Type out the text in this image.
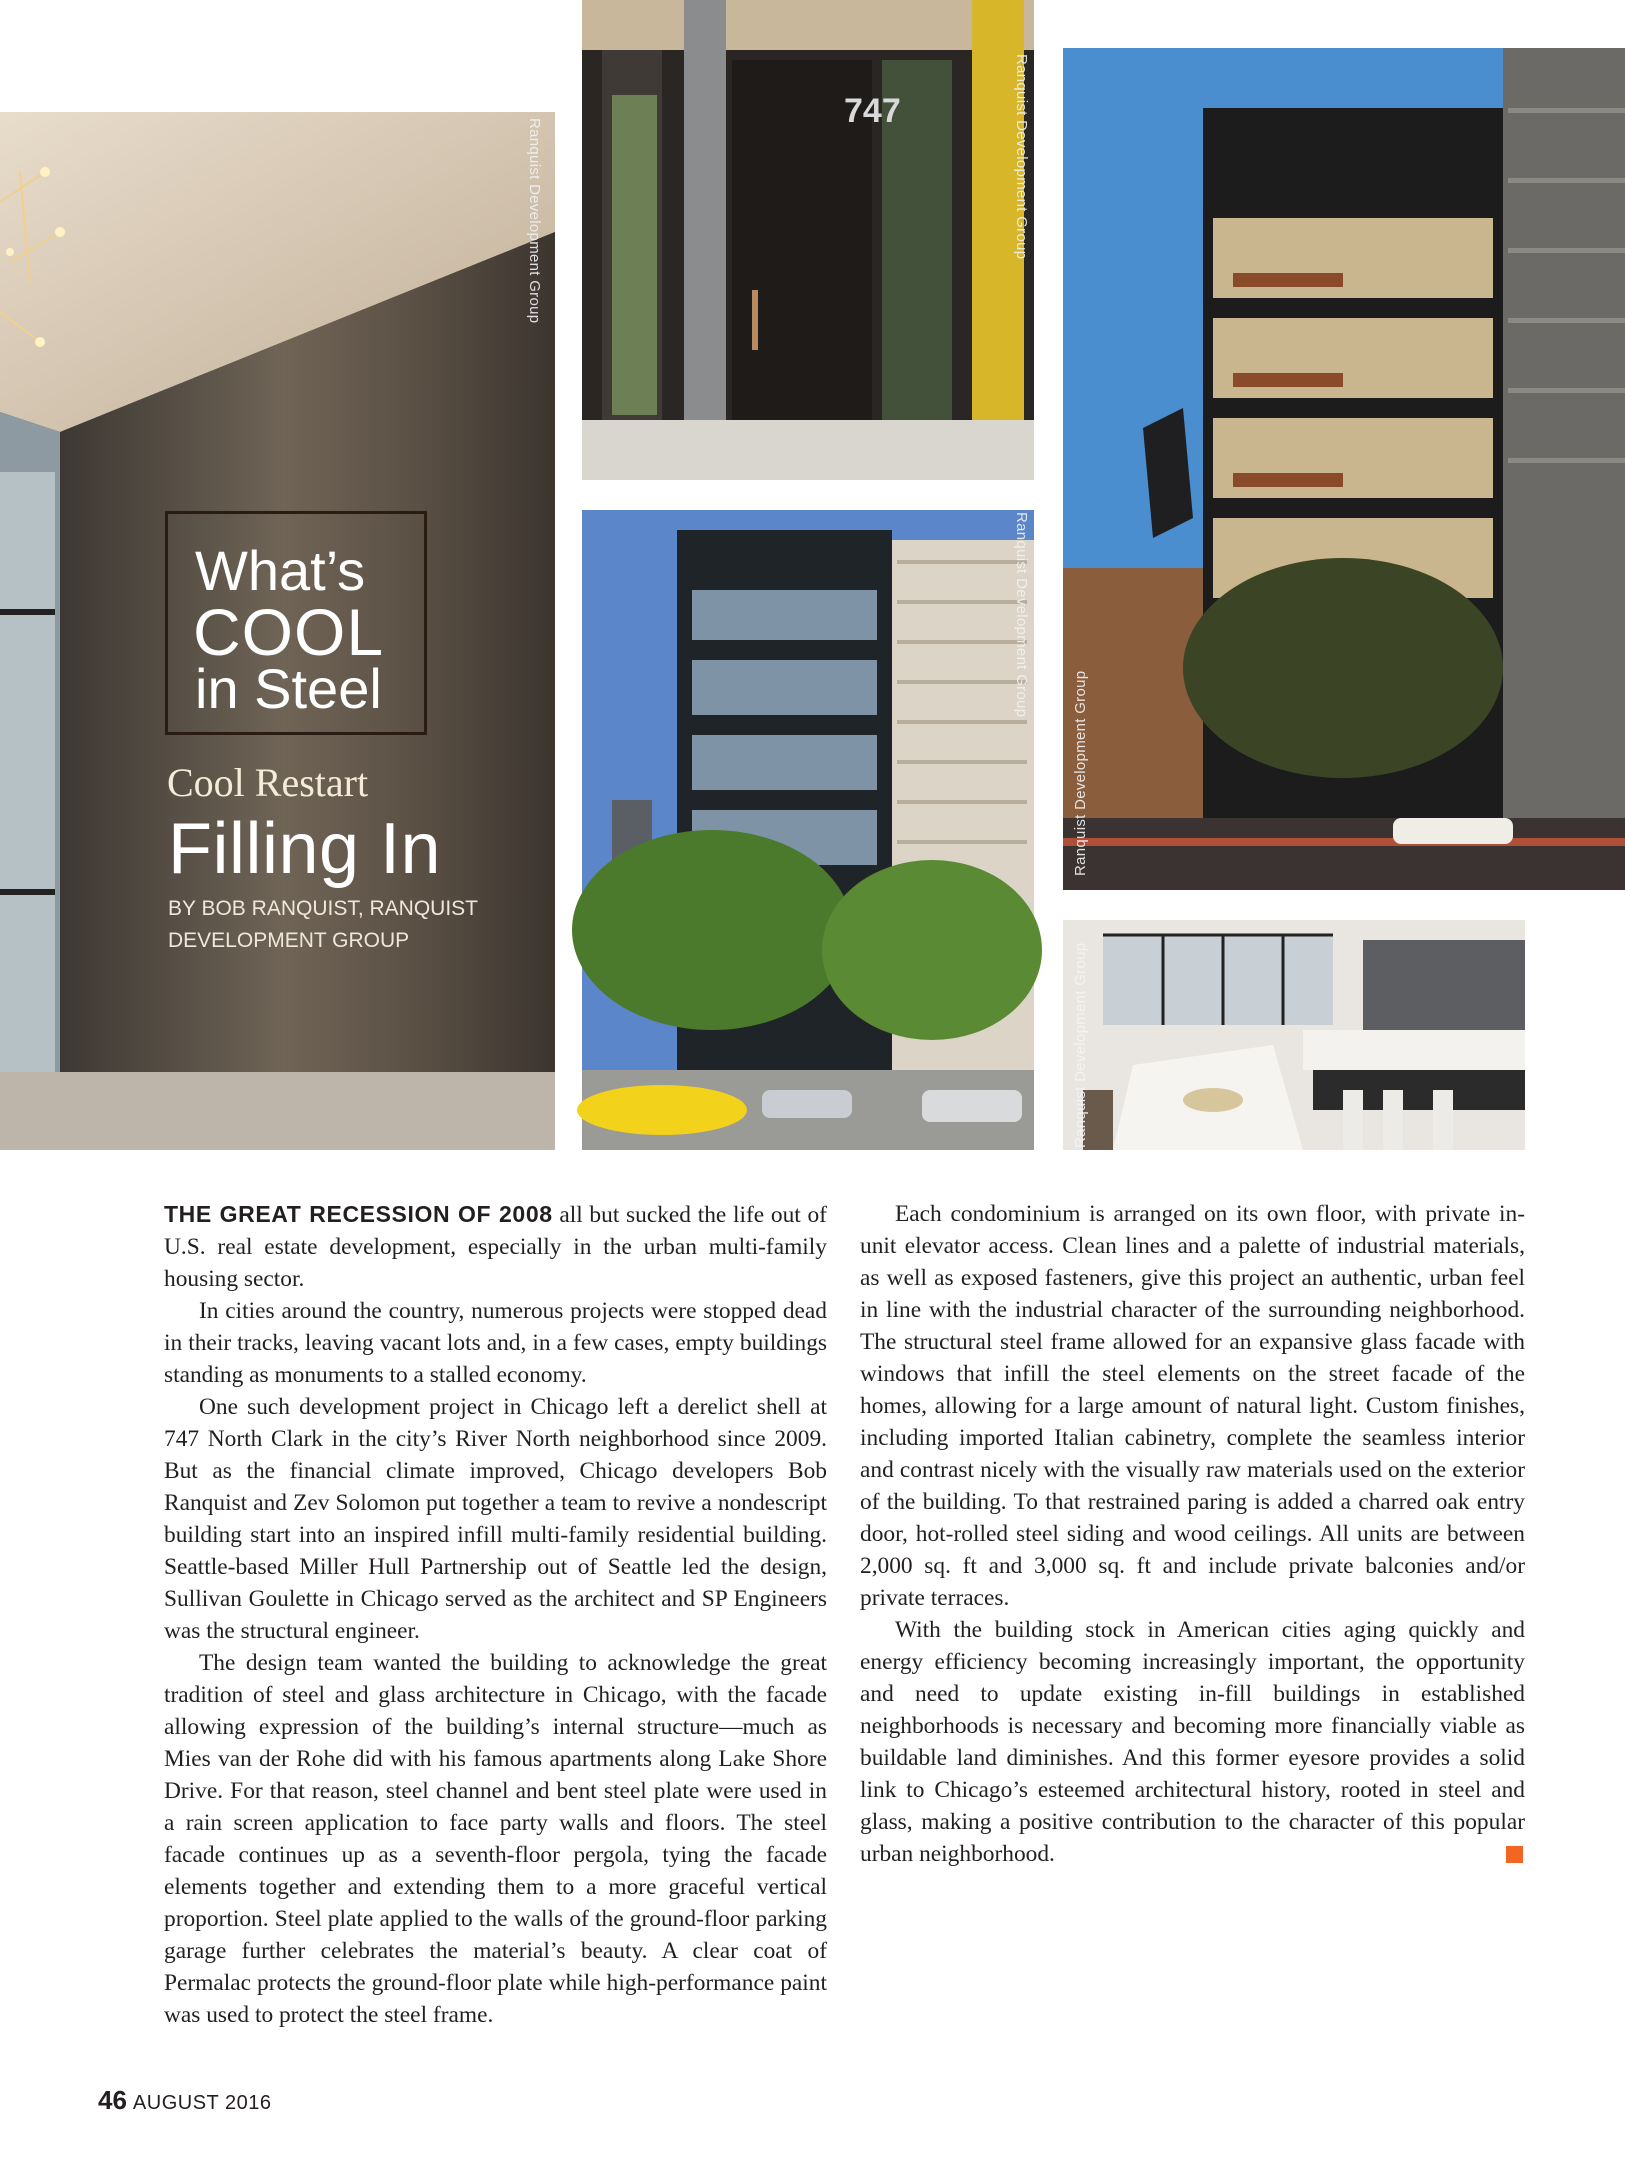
Ranquist Development Group
747	Ranquist Development Group
Ranquist Development Group
Ranquist Development Group
Ranquist Development Group
What’s
COOL
in Steel
Cool Restart
Filling In
BY BOB RANQUIST, RANQUIST DEVELOPMENT GROUP

THE GREAT RECESSION OF 2008 all but sucked the life out of U.S. real estate development, especially in the urban multi-family housing sector.

In cities around the country, numerous projects were stopped dead in their tracks, leaving vacant lots and, in a few cases, empty buildings standing as monuments to a stalled economy.

One such development project in Chicago left a derelict shell at 747 North Clark in the city’s River North neighborhood since 2009. But as the financial climate improved, Chicago developers Bob Ranquist and Zev Solomon put together a team to revive a nondescript building start into an inspired infill multi-family residential building. Seattle-based Miller Hull Partnership out of Seattle led the design, Sullivan Goulette in Chicago served as the architect and SP Engineers was the structural engineer.

The design team wanted the building to acknowledge the great tradition of steel and glass architecture in Chicago, with the facade allowing expression of the building’s internal structure—much as Mies van der Rohe did with his famous apartments along Lake Shore Drive. For that reason, steel channel and bent steel plate were used in a rain screen application to face party walls and floors. The steel facade continues up as a seventh-floor pergola, tying the facade elements together and extending them to a more graceful vertical proportion. Steel plate applied to the walls of the ground-floor parking garage further celebrates the material’s beauty. A clear coat of Permalac protects the ground-floor plate while high-performance paint was used to protect the steel frame.

Each condominium is arranged on its own floor, with private in-unit elevator access. Clean lines and a palette of industrial materials, as well as exposed fasteners, give this project an authentic, urban feel in line with the industrial character of the surrounding neighborhood. The structural steel frame allowed for an expansive glass facade with windows that infill the steel elements on the street facade of the homes, allowing for a large amount of natural light. Custom finishes, including imported Italian cabinetry, complete the seamless interior and contrast nicely with the visually raw materials used on the exterior of the building. To that restrained paring is added a charred oak entry door, hot-rolled steel siding and wood ceilings. All units are between 2,000 sq. ft and 3,000 sq. ft and include private balconies and/or private terraces.

With the building stock in American cities aging quickly and energy efficiency becoming increasingly important, the opportunity and need to update existing in-fill buildings in established neighborhoods is necessary and becoming more financially viable as buildable land diminishes. And this former eyesore provides a solid link to Chicago’s esteemed architectural history, rooted in steel and glass, making a positive contribution to the character of this popular urban neighborhood.

46 AUGUST 2016
